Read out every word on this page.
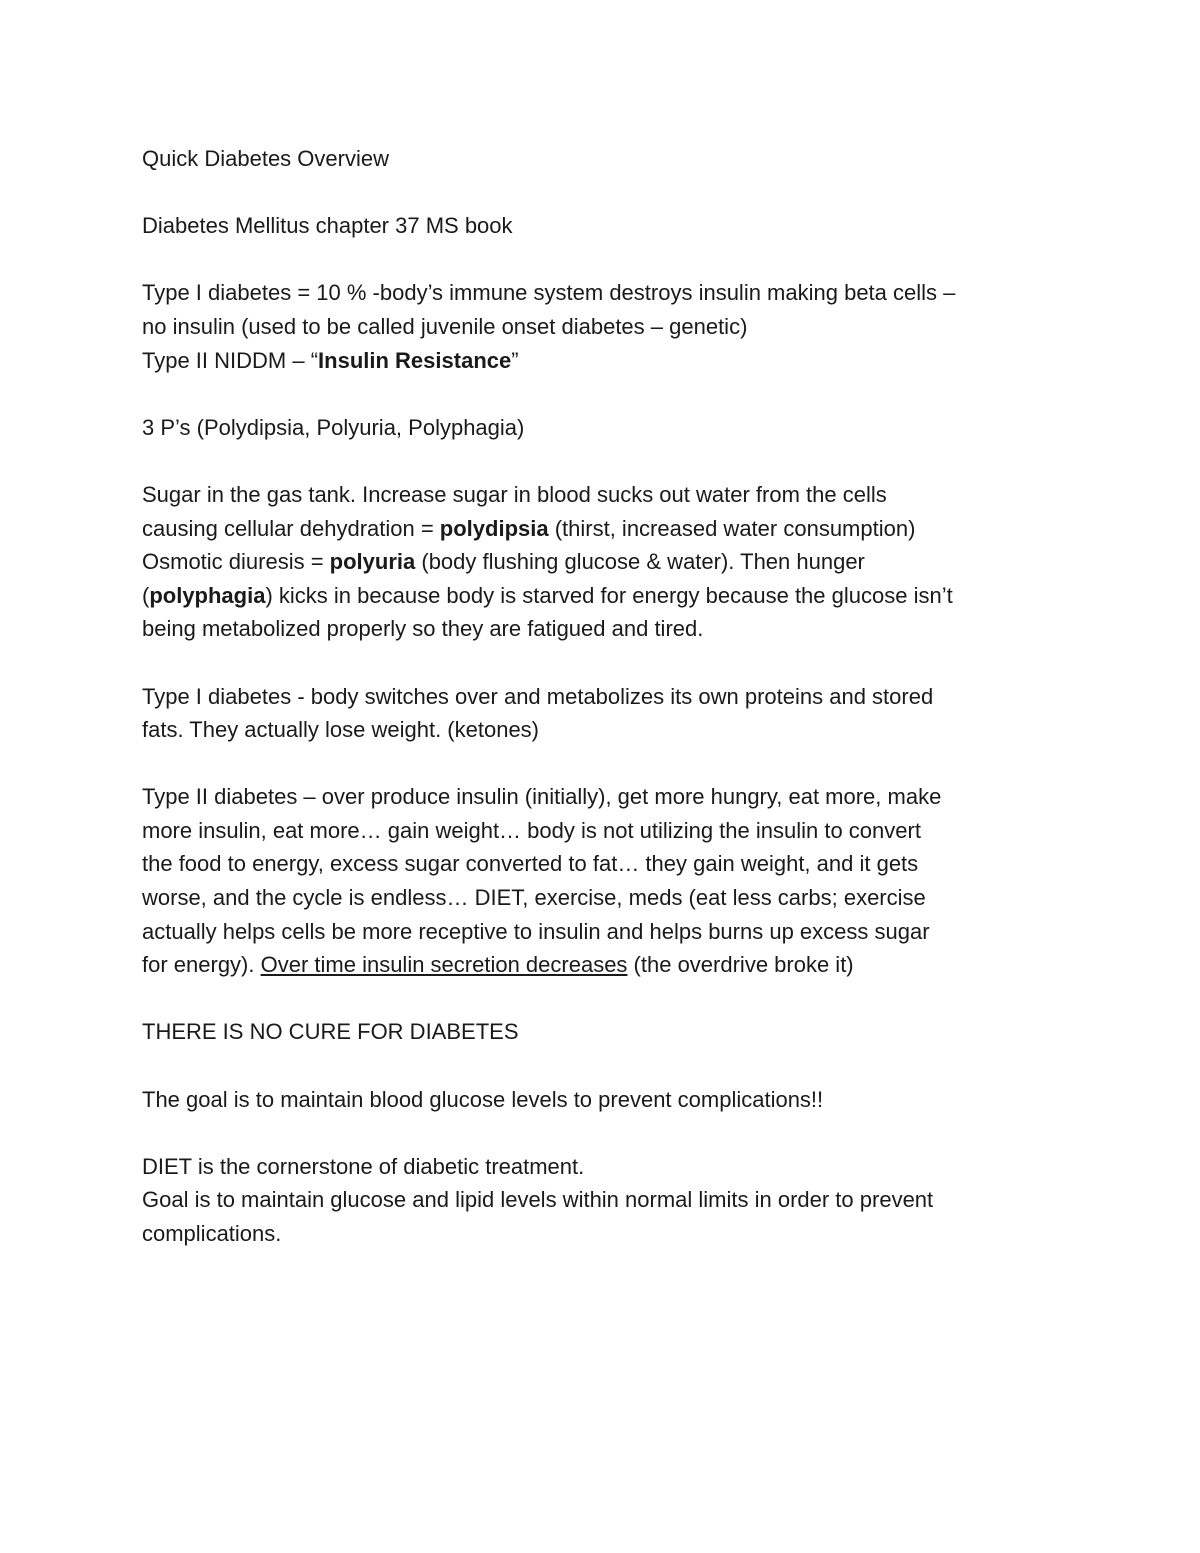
Quick Diabetes Overview

Diabetes Mellitus chapter 37 MS book

Type I diabetes = 10 % -body’s immune system destroys insulin making beta cells –
no insulin (used to be called juvenile onset diabetes – genetic)
Type II NIDDM – “Insulin Resistance”

3 P’s (Polydipsia, Polyuria, Polyphagia)

Sugar in the gas tank. Increase sugar in blood sucks out water from the cells
causing cellular dehydration = polydipsia (thirst, increased water consumption)
Osmotic diuresis = polyuria (body flushing glucose & water). Then hunger
(polyphagia) kicks in because body is starved for energy because the glucose isn’t
being metabolized properly so they are fatigued and tired.

Type I diabetes - body switches over and metabolizes its own proteins and stored
fats. They actually lose weight. (ketones)

Type II diabetes – over produce insulin (initially), get more hungry, eat more, make
more insulin, eat more… gain weight… body is not utilizing the insulin to convert
the food to energy, excess sugar converted to fat… they gain weight, and it gets
worse, and the cycle is endless… DIET, exercise, meds (eat less carbs; exercise
actually helps cells be more receptive to insulin and helps burns up excess sugar
for energy). Over time insulin secretion decreases (the overdrive broke it)

THERE IS NO CURE FOR DIABETES

The goal is to maintain blood glucose levels to prevent complications!!

DIET is the cornerstone of diabetic treatment.
Goal is to maintain glucose and lipid levels within normal limits in order to prevent
complications.
